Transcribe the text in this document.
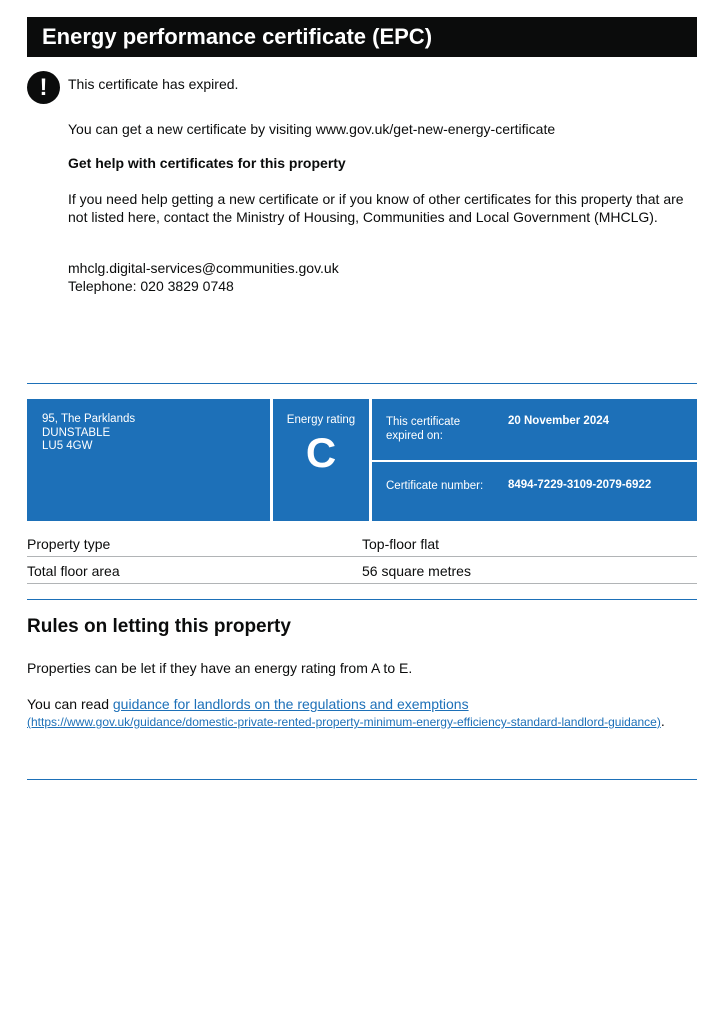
Energy performance certificate (EPC)
!	This certificate has expired.
You can get a new certificate by visiting www.gov.uk/get-new-energy-certificate
Get help with certificates for this property
If you need help getting a new certificate or if you know of other certificates for this property that are not listed here, contact the Ministry of Housing, Communities and Local Government (MHCLG).
mhclg.digital-services@communities.gov.uk
Telephone: 020 3829 0748
95, The Parklands
DUNSTABLE
LU5 4GW
Energy rating
C
This certificate expired on:
20 November 2024
Certificate number: 8494-7229-3109-2079-6922
Property type	Top-floor flat
Total floor area	56 square metres
Rules on letting this property
Properties can be let if they have an energy rating from A to E.
You can read guidance for landlords on the regulations and exemptions
(https://www.gov.uk/guidance/domestic-private-rented-property-minimum-energy-efficiency-standard-landlord-guidance).
